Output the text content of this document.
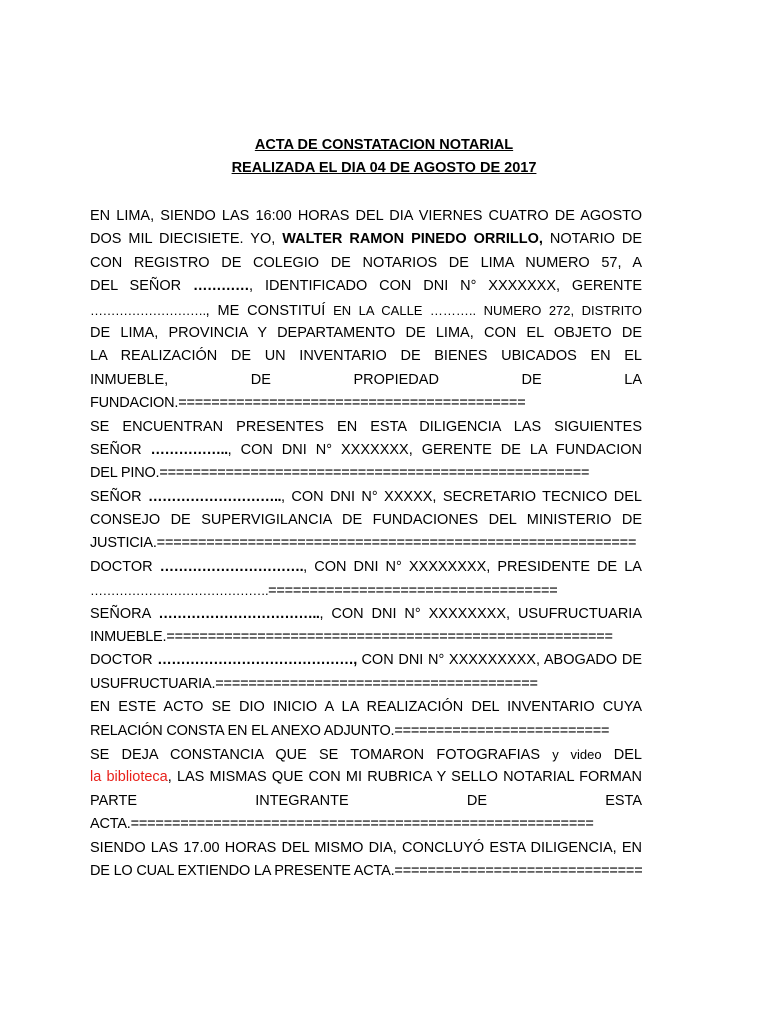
ACTA DE CONSTATACION NOTARIAL
REALIZADA EL DIA 04 DE AGOSTO DE 2017
EN LIMA, SIENDO LAS 16:00 HORAS DEL DIA VIERNES CUATRO DE AGOSTO
DOS MIL DIECISIETE. YO, WALTER RAMON PINEDO ORRILLO, NOTARIO DE
CON REGISTRO DE COLEGIO DE NOTARIOS DE LIMA NUMERO 57, A
DEL SEÑOR …………, IDENTIFICADO CON DNI N° XXXXXXX, GERENTE
………………………., ME CONSTITUÍ EN LA CALLE ……….. NUMERO 272, DISTRITO
DE LIMA, PROVINCIA Y DEPARTAMENTO DE LIMA, CON EL OBJETO DE
LA REALIZACIÓN DE UN INVENTARIO DE BIENES UBICADOS EN EL
INMUEBLE, DE PROPIEDAD DE LA
FUNDACION.==========================================
SE ENCUENTRAN PRESENTES EN ESTA DILIGENCIA LAS SIGUIENTES
SEÑOR …………….., CON DNI N° XXXXXXX, GERENTE DE LA FUNDACION
DEL PINO.====================================================
SEÑOR ……………………….., CON DNI N° XXXXX, SECRETARIO TECNICO DEL
CONSEJO DE SUPERVIGILANCIA DE FUNDACIONES DEL MINISTERIO DE
JUSTICIA.==========================================================
DOCTOR …………………………., CON DNI N° XXXXXXXX, PRESIDENTE DE LA
…………………………………….===================================
SEÑORA …………………………….., CON DNI N° XXXXXXXX, USUFRUCTUARIA
INMUEBLE.======================================================
DOCTOR ……………………………………, CON DNI N° XXXXXXXXX, ABOGADO DE
USUFRUCTUARIA.=======================================
EN ESTE ACTO SE DIO INICIO A LA REALIZACIÓN DEL INVENTARIO CUYA
RELACIÓN CONSTA EN EL ANEXO ADJUNTO.==========================
SE DEJA CONSTANCIA QUE SE TOMARON FOTOGRAFIAS y video DEL
la biblioteca, LAS MISMAS QUE CON MI RUBRICA Y SELLO NOTARIAL FORMAN
PARTE INTEGRANTE DE ESTA
ACTA.========================================================
SIENDO LAS 17.00 HORAS DEL MISMO DIA, CONCLUYÓ ESTA DILIGENCIA, EN
DE LO CUAL EXTIENDO LA PRESENTE ACTA.==============================
